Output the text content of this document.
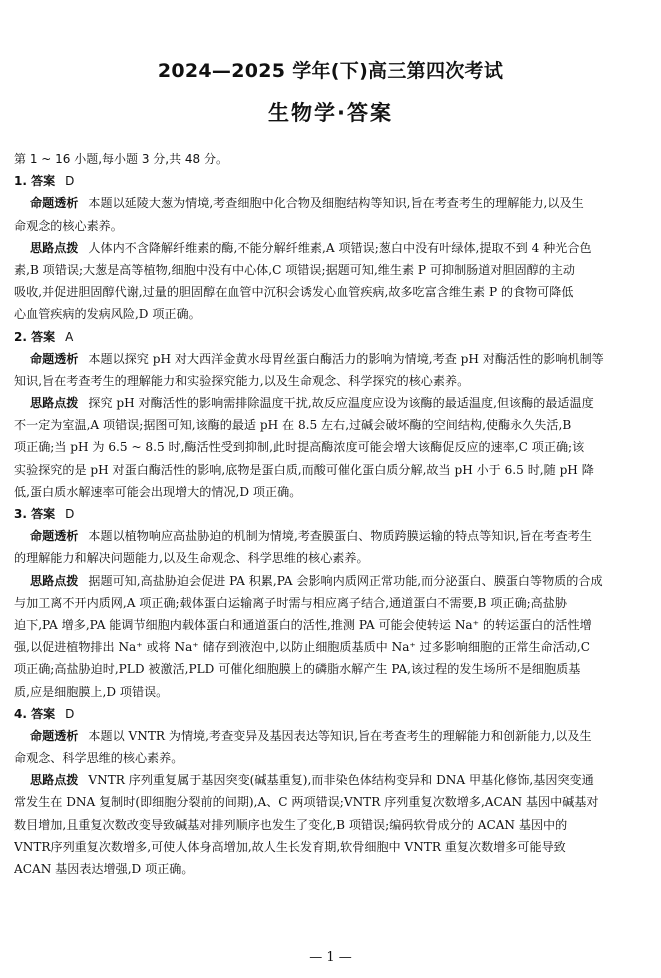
2024—2025 学年(下)高三第四次考试
生物学·答案
第 1 ~ 16 小题,每小题 3 分,共 48 分。
1. 答案 D
命题透析 本题以延陵大葱为情境,考查细胞中化合物及细胞结构等知识,旨在考查考生的理解能力,以及生
命观念的核心素养。
思路点拨 人体内不含降解纤维素的酶,不能分解纤维素,A 项错误;葱白中没有叶绿体,提取不到 4 种光合色
素,B 项错误;大葱是高等植物,细胞中没有中心体,C 项错误;据题可知,维生素 P 可抑制肠道对胆固醇的主动
吸收,并促进胆固醇代谢,过量的胆固醇在血管中沉积会诱发心血管疾病,故多吃富含维生素 P 的食物可降低
心血管疾病的发病风险,D 项正确。
2. 答案 A
命题透析 本题以探究 pH 对大西洋金黄水母胃丝蛋白酶活力的影响为情境,考查 pH 对酶活性的影响机制等
知识,旨在考查考生的理解能力和实验探究能力,以及生命观念、科学探究的核心素养。
思路点拨 探究 pH 对酶活性的影响需排除温度干扰,故反应温度应设为该酶的最适温度,但该酶的最适温度
不一定为室温,A 项错误;据图可知,该酶的最适 pH 在 8.5 左右,过碱会破坏酶的空间结构,使酶永久失活,B
项正确;当 pH 为 6.5 ~ 8.5 时,酶活性受到抑制,此时提高酶浓度可能会增大该酶促反应的速率,C 项正确;该
实验探究的是 pH 对蛋白酶活性的影响,底物是蛋白质,而酸可催化蛋白质分解,故当 pH 小于 6.5 时,随 pH 降
低,蛋白质水解速率可能会出现增大的情况,D 项正确。
3. 答案 D
命题透析 本题以植物响应高盐胁迫的机制为情境,考查膜蛋白、物质跨膜运输的特点等知识,旨在考查考生
的理解能力和解决问题能力,以及生命观念、科学思维的核心素养。
思路点拨 据题可知,高盐胁迫会促进 PA 积累,PA 会影响内质网正常功能,而分泌蛋白、膜蛋白等物质的合成
与加工离不开内质网,A 项正确;载体蛋白运输离子时需与相应离子结合,通道蛋白不需要,B 项正确;高盐胁
迫下,PA 增多,PA 能调节细胞内载体蛋白和通道蛋白的活性,推测 PA 可能会使转运 Na⁺ 的转运蛋白的活性增
强,以促进植物排出 Na⁺ 或将 Na⁺ 储存到液泡中,以防止细胞质基质中 Na⁺ 过多影响细胞的正常生命活动,C
项正确;高盐胁迫时,PLD 被激活,PLD 可催化细胞膜上的磷脂水解产生 PA,该过程的发生场所不是细胞质基
质,应是细胞膜上,D 项错误。
4. 答案 D
命题透析 本题以 VNTR 为情境,考查变异及基因表达等知识,旨在考查考生的理解能力和创新能力,以及生
命观念、科学思维的核心素养。
思路点拨 VNTR 序列重复属于基因突变(碱基重复),而非染色体结构变异和 DNA 甲基化修饰,基因突变通
常发生在 DNA 复制时(即细胞分裂前的间期),A、C 两项错误;VNTR 序列重复次数增多,ACAN 基因中碱基对
数目增加,且重复次数改变导致碱基对排列顺序也发生了变化,B 项错误;编码软骨成分的 ACAN 基因中的
VNTR序列重复次数增多,可使人体身高增加,故人生长发育期,软骨细胞中 VNTR 重复次数增多可能导致
ACAN 基因表达增强,D 项正确。
— 1 —
